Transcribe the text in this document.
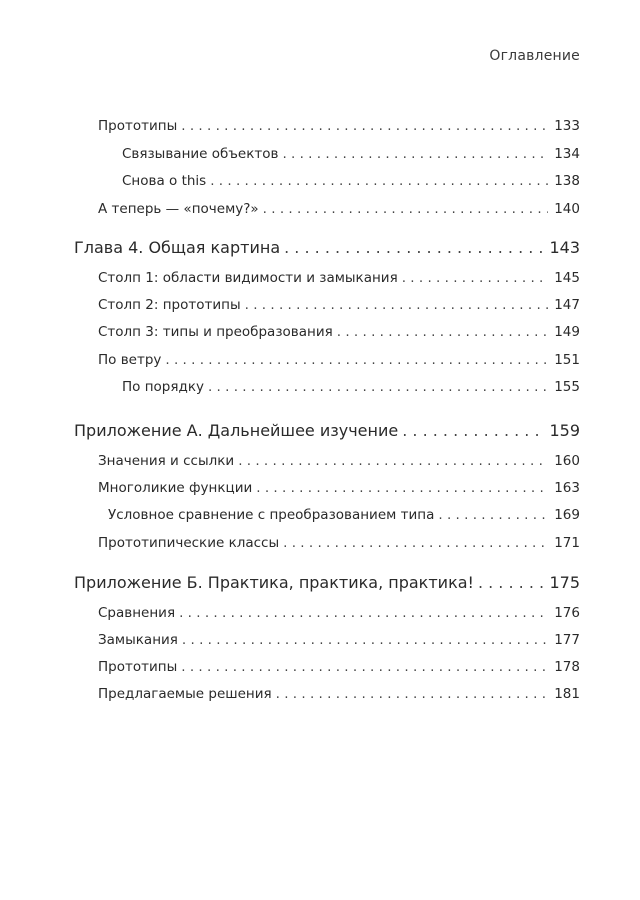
Оглавление
Прототипы . . .	133
Связывание объектов . . .	134
Снова о this . . .	138
А теперь — «почему?» . . .	140
Глава 4. Общая картина . . .	143
Столп 1: области видимости и замыкания . . .	145
Столп 2: прототипы . . .	147
Столп 3: типы и преобразования . . .	149
По ветру . . .	151
По порядку . . .	155
Приложение А. Дальнейшее изучение . . .	159
Значения и ссылки . . .	160
Многоликие функции . . .	163
Условное сравнение с преобразованием типа . . .	169
Прототипические классы . . .	171
Приложение Б. Практика, практика, практика! . . .	175
Сравнения . . .	176
Замыкания . . .	177
Прототипы . . .	178
Предлагаемые решения . . .	181
